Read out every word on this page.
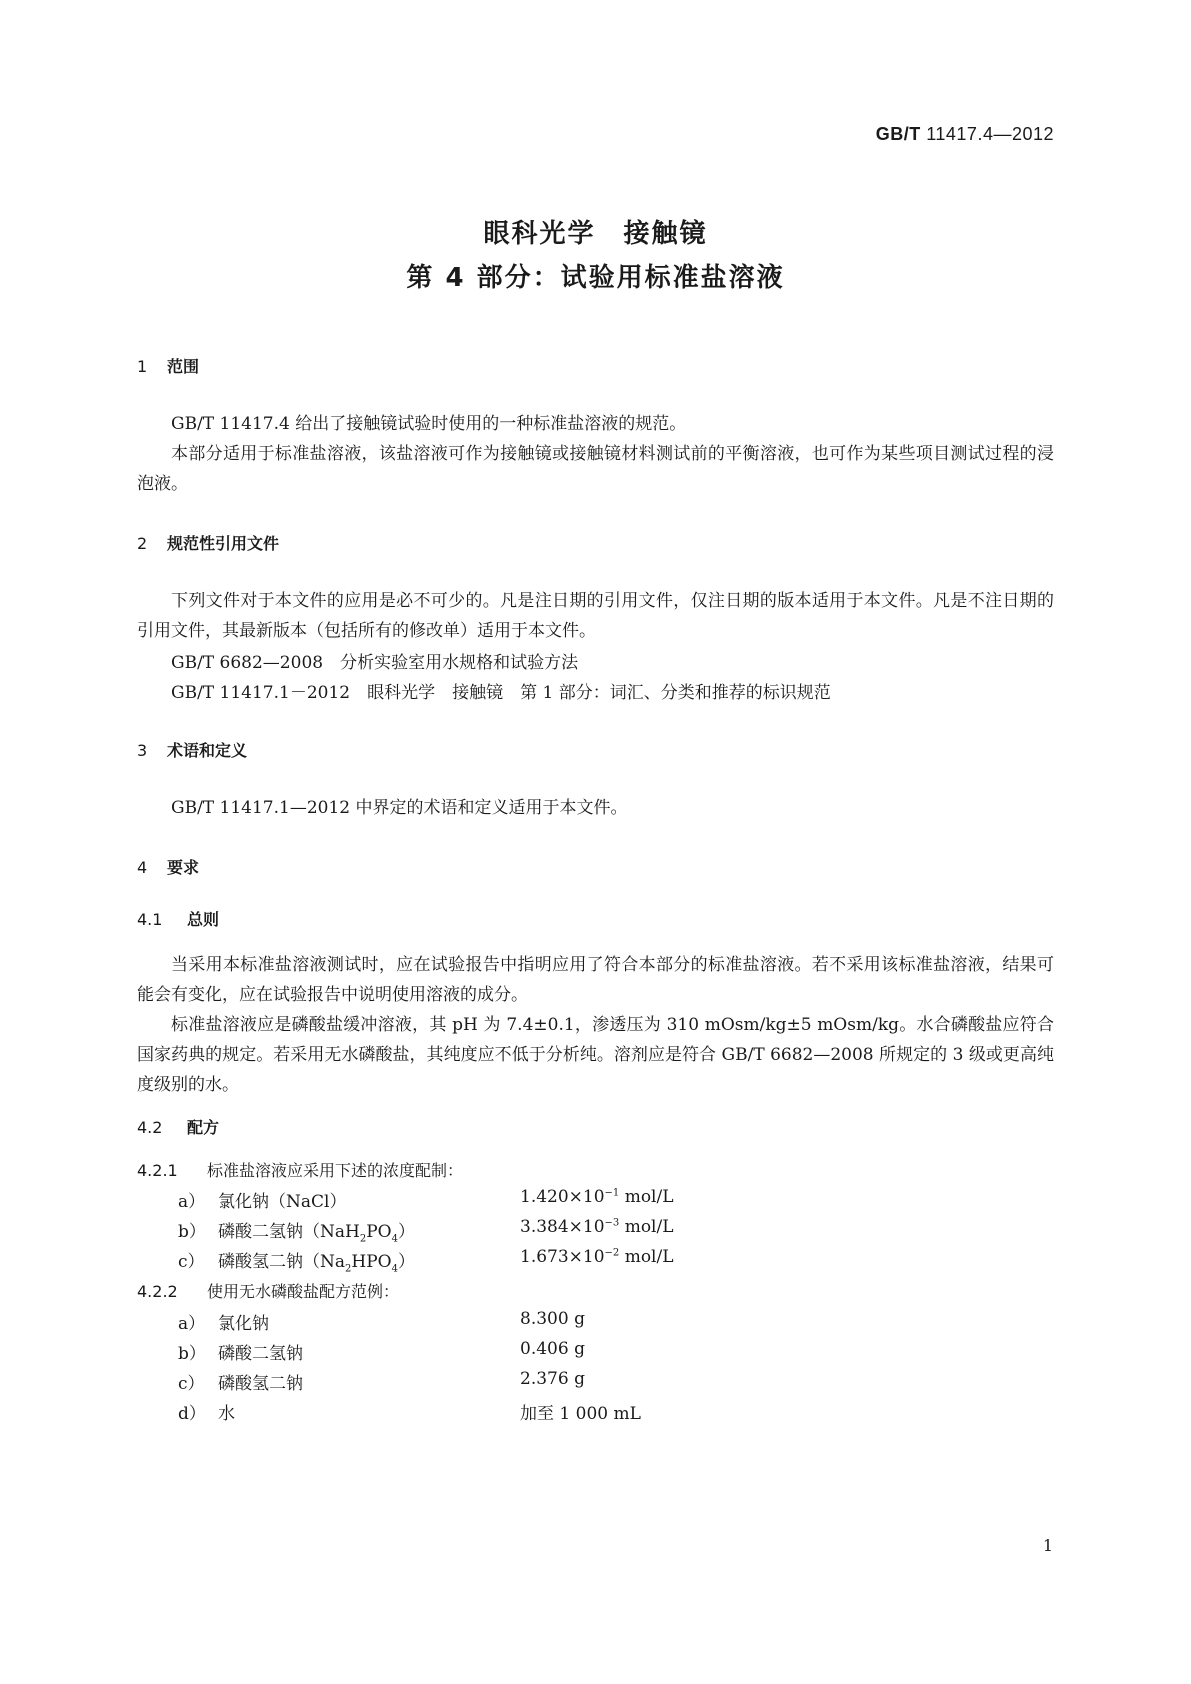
GB/T 11417.4—2012
眼科光学　接触镜
第 4 部分：试验用标准盐溶液
1 范围
GB/T 11417.4 给出了接触镜试验时使用的一种标准盐溶液的规范。
本部分适用于标准盐溶液，该盐溶液可作为接触镜或接触镜材料测试前的平衡溶液，也可作为某些项目测试过程的浸泡液。
2 规范性引用文件
下列文件对于本文件的应用是必不可少的。凡是注日期的引用文件，仅注日期的版本适用于本文件。凡是不注日期的引用文件，其最新版本（包括所有的修改单）适用于本文件。
GB/T 6682—2008　分析实验室用水规格和试验方法
GB/T 11417.1－2012　眼科光学　接触镜　第 1 部分：词汇、分类和推荐的标识规范
3 术语和定义
GB/T 11417.1—2012 中界定的术语和定义适用于本文件。
4 要求
4.1 总则
当采用本标准盐溶液测试时，应在试验报告中指明应用了符合本部分的标准盐溶液。若不采用该标准盐溶液，结果可能会有变化，应在试验报告中说明使用溶液的成分。
标准盐溶液应是磷酸盐缓冲溶液，其 pH 为 7.4±0.1，渗透压为 310 mOsm/kg±5 mOsm/kg。水合磷酸盐应符合国家药典的规定。若采用无水磷酸盐，其纯度应不低于分析纯。溶剂应是符合 GB/T 6682—2008 所规定的 3 级或更高纯度级别的水。
4.2 配方
4.2.1 标准盐溶液应采用下述的浓度配制：
a） 氯化钠（NaCl）	$1.420\times 10^{-1}$ mol/L
b） 磷酸二氢钠$(NaH_2PO_4)$	$3.384\times 10^{-3}$ mol/L
c） 磷酸氢二钠$(Na_2HPO_4)$	$1.673\times 10^{-2}$ mol/L
4.2.2 使用无水磷酸盐配方范例：
a） 氯化钠	8.300 g
b） 磷酸二氢钠	0.406 g
c） 磷酸氢二钠	2.376 g
d） 水	加至 1 000 mL
1
